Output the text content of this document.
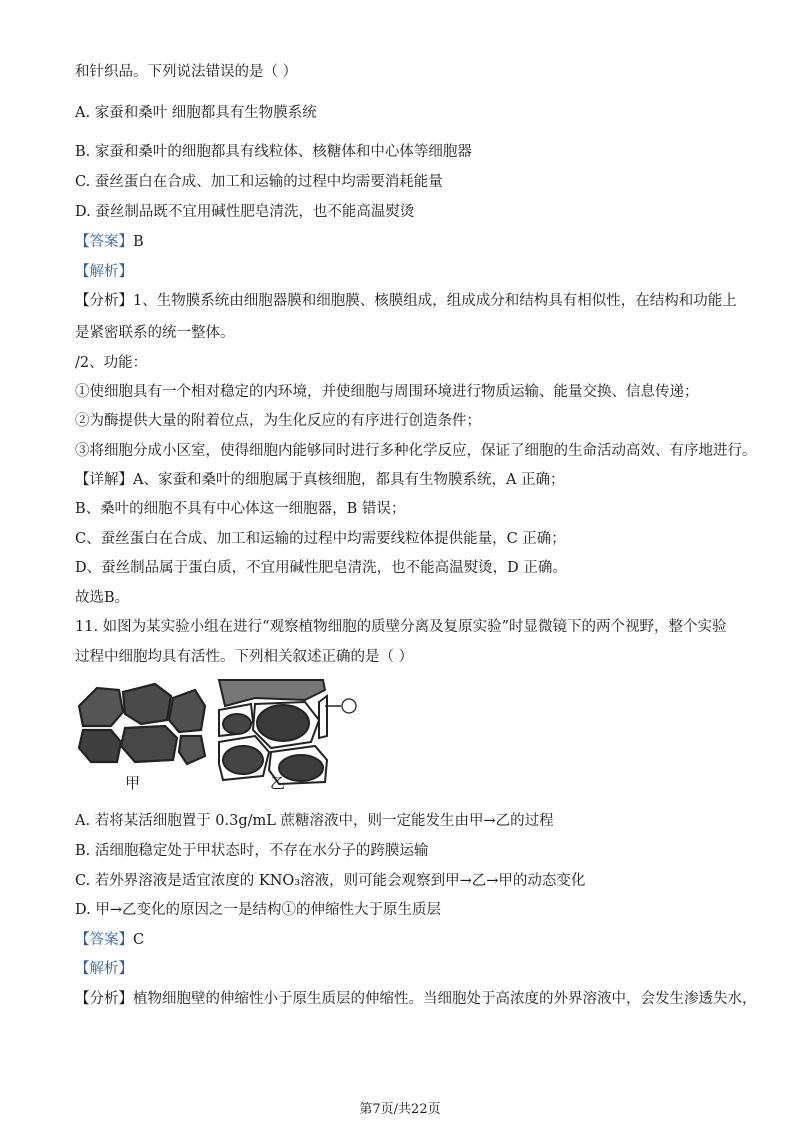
和针织品。下列说法错误的是（ ）
A. 家蚕和桑叶 细胞都具有生物膜系统
B. 家蚕和桑叶的细胞都具有线粒体、核糖体和中心体等细胞器
C. 蚕丝蛋白在合成、加工和运输的过程中均需要消耗能量
D. 蚕丝制品既不宜用碱性肥皂清洗，也不能高温熨烫
【答案】B
【解析】
【分析】1、生物膜系统由细胞器膜和细胞膜、核膜组成，组成成分和结构具有相似性，在结构和功能上
是紧密联系的统一整体。
/2、功能：
①使细胞具有一个相对稳定的内环境，并使细胞与周围环境进行物质运输、能量交换、信息传递；
②为酶提供大量的附着位点，为生化反应的有序进行创造条件；
③将细胞分成小区室，使得细胞内能够同时进行多种化学反应，保证了细胞的生命活动高效、有序地进行。
【详解】A、家蚕和桑叶的细胞属于真核细胞，都具有生物膜系统，A 正确；
B、桑叶的细胞不具有中心体这一细胞器，B 错误；
C、蚕丝蛋白在合成、加工和运输的过程中均需要线粒体提供能量，C 正确；
D、蚕丝制品属于蛋白质，不宜用碱性肥皂清洗，也不能高温熨烫，D 正确。
故选B。
11. 如图为某实验小组在进行“观察植物细胞的质壁分离及复原实验”时显微镜下的两个视野，整个实验
过程中细胞均具有活性。下列相关叙述正确的是（ ）
甲	乙
A. 若将某活细胞置于 0.3g/mL 蔗糖溶液中，则一定能发生由甲→乙的过程
B. 活细胞稳定处于甲状态时，不存在水分子的跨膜运输
C. 若外界溶液是适宜浓度的 KNO₃溶液，则可能会观察到甲→乙→甲的动态变化
D. 甲→乙变化的原因之一是结构①的伸缩性大于原生质层
【答案】C
【解析】
【分析】植物细胞壁的伸缩性小于原生质层的伸缩性。当细胞处于高浓度的外界溶液中，会发生渗透失水，
第7页/共22页
